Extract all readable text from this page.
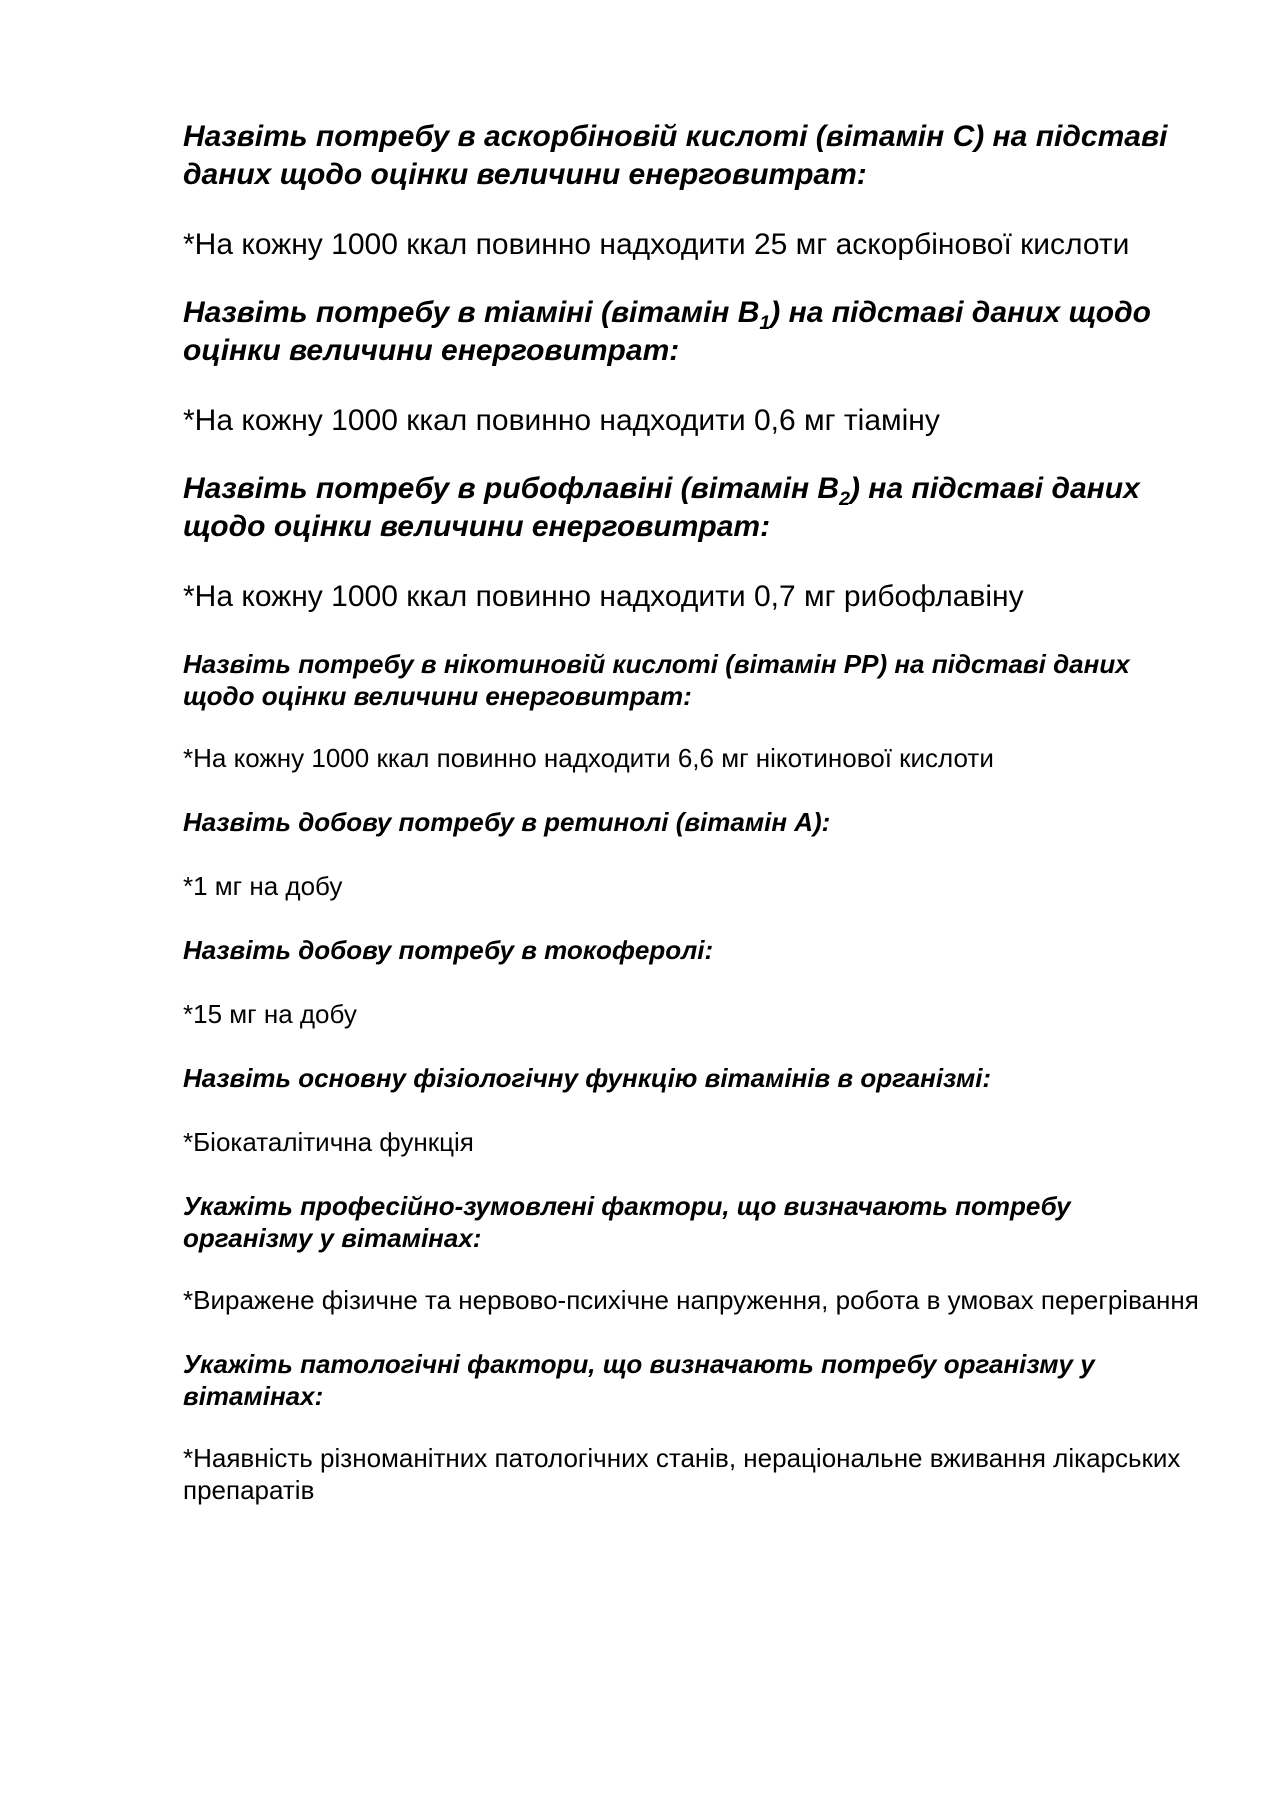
Назвіть потребу в аскорбіновій кислоті (вітамін С) на підставі даних щодо оцінки величини енерговитрат:

*На кожну 1000 ккал повинно надходити 25 мг аскорбінової кислоти

Назвіть потребу в тіаміні (вітамін $В_1$) на підставі даних щодо оцінки величини енерговитрат:

*На кожну 1000 ккал повинно надходити 0,6 мг тіаміну

Назвіть потребу в рибофлавіні (вітамін $В_2$) на підставі даних щодо оцінки величини енерговитрат:

*На кожну 1000 ккал повинно надходити 0,7 мг рибофлавіну

Назвіть потребу в нікотиновій кислоті (вітамін РР) на підставі даних щодо оцінки величини енерговитрат:

*На кожну 1000 ккал повинно надходити 6,6 мг нікотинової кислоти

Назвіть добову потребу в ретинолі (вітамін А):

*1 мг на добу

Назвіть добову потребу в токоферолі:

*15 мг на добу

Назвіть основну фізіологічну функцію вітамінів в організмі:

*Біокаталітична функція

Укажіть професійно-зумовлені фактори, що визначають потребу організму у вітамінах:

*Виражене фізичне та нервово-психічне напруження, робота в умовах перегрівання

Укажіть патологічні фактори, що визначають потребу організму у вітамінах:

*Наявність різноманітних патологічних станів, нераціональне вживання лікарських препаратів
